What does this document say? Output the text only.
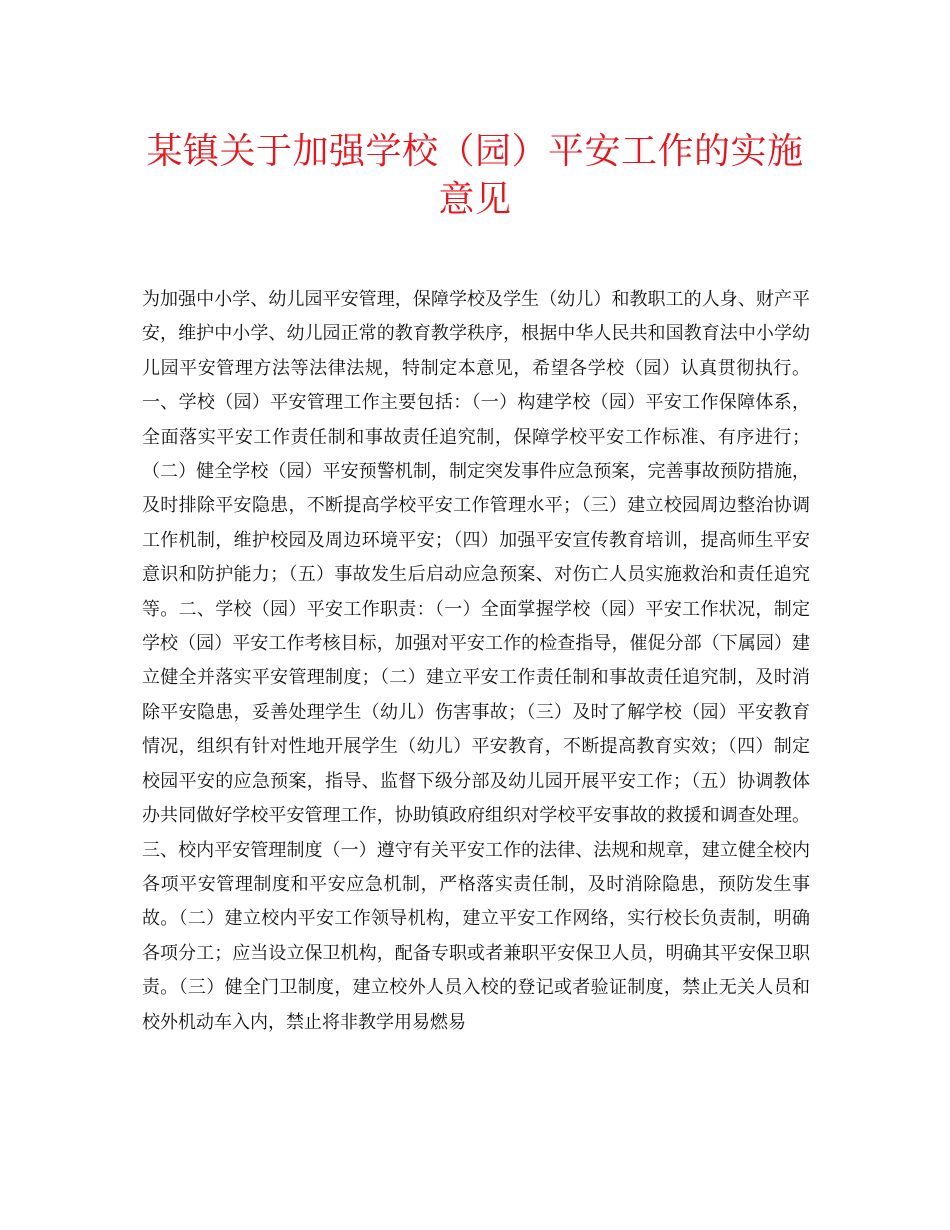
某镇关于加强学校（园）平安工作的实施意见

为加强中小学、幼儿园平安管理，保障学校及学生（幼儿）和教职工的人身、财产平安，维护中小学、幼儿园正常的教育教学秩序，根据中华人民共和国教育法中小学幼儿园平安管理方法等法律法规，特制定本意见，希望各学校（园）认真贯彻执行。一、学校（园）平安管理工作主要包括：（一）构建学校（园）平安工作保障体系，全面落实平安工作责任制和事故责任追究制，保障学校平安工作标准、有序进行；（二）健全学校（园）平安预警机制，制定突发事件应急预案，完善事故预防措施，及时排除平安隐患，不断提高学校平安工作管理水平；（三）建立校园周边整治协调工作机制，维护校园及周边环境平安；（四）加强平安宣传教育培训，提高师生平安意识和防护能力；（五）事故发生后启动应急预案、对伤亡人员实施救治和责任追究等。二、学校（园）平安工作职责：（一）全面掌握学校（园）平安工作状况，制定学校（园）平安工作考核目标，加强对平安工作的检查指导，催促分部（下属园）建立健全并落实平安管理制度；（二）建立平安工作责任制和事故责任追究制，及时消除平安隐患，妥善处理学生（幼儿）伤害事故；（三）及时了解学校（园）平安教育情况，组织有针对性地开展学生（幼儿）平安教育，不断提高教育实效；（四）制定校园平安的应急预案，指导、监督下级分部及幼儿园开展平安工作；（五）协调教体办共同做好学校平安管理工作，协助镇政府组织对学校平安事故的救援和调查处理。三、校内平安管理制度（一）遵守有关平安工作的法律、法规和规章，建立健全校内各项平安管理制度和平安应急机制，严格落实责任制，及时消除隐患，预防发生事故。（二）建立校内平安工作领导机构，建立平安工作网络，实行校长负责制，明确各项分工；应当设立保卫机构，配备专职或者兼职平安保卫人员，明确其平安保卫职责。（三）健全门卫制度，建立校外人员入校的登记或者验证制度，禁止无关人员和校外机动车入内，禁止将非教学用易燃易
